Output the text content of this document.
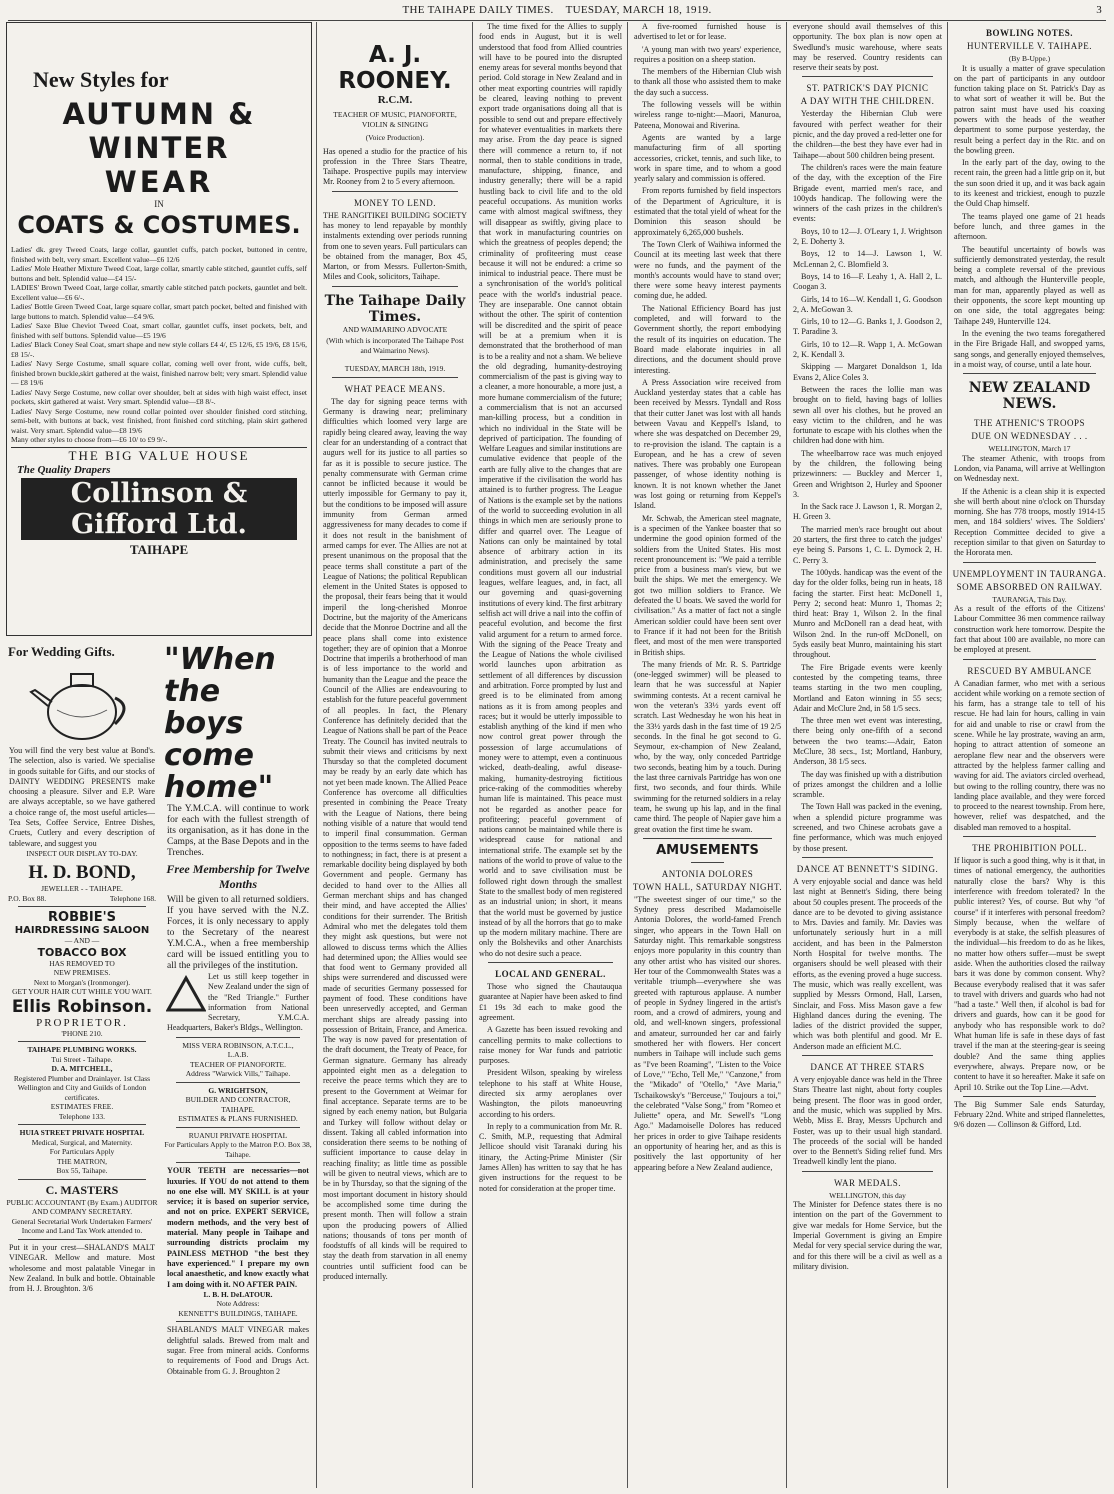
THE TAIHAPE DAILY TIMES. TUESDAY, MARCH 18, 1919.	3
New Styles for
AUTUMN & WINTER
WEAR
IN
COATS & COSTUMES.
Ladies' dk. grey Tweed Coats, large collar, gauntlet cuffs, patch pocket, buttoned in centre, finished with belt, very smart. Excellent value—£6 12/6
Ladies' Mole Heather Mixture Tweed Coat, large collar, smartly cable stitched, gauntlet cuffs, self buttons and belt. Splendid value—£4 15/-
LADIES' Brown Tweed Coat, large collar, smartly cable stitched patch pockets, gauntlet and belt. Excellent value—£6 6/-.
Ladies' Bottle Green Tweed Coat, large square collar, smart patch pocket, belted and finished with large buttons to match. Splendid value—£4 9/6.
Ladies' Saxe Blue Cheviot Tweed Coat, smart collar, gauntlet cuffs, inset pockets, belt, and finished with self buttons. Splendid value—£5 19/6
Ladies' Black Coney Seal Coat, smart shape and new style collars £4 4/, £5 12/6, £5 19/6, £8 15/6, £8 15/-.
Ladies' Navy Serge Costume, small square collar, coming well over front, wide cuffs, belt, finished brown buckle,skirt gathered at the waist, finished narrow belt; very smart. Splendid value— £8 19/6
Ladies' Navy Serge Costume, new collar over shoulder, belt at sides with high waist effect, inset pockets, skirt gathered at waist. Very smart. Splendid value—£8 8/-.
Ladies' Navy Serge Costume, new round collar pointed over shoulder finished cord stitching, semi-belt, with buttons at back, vest finished, front finished cord stitching, plain skirt gathered waist. Very smart. Splendid value—£8 19/6
Many other styles to choose from—£6 10/ to £9 9/-.
THE BIG VALUE HOUSE
The Quality Drapers
Collinson & Gifford Ltd.
TAIHAPE
For Wedding Gifts.
You will find the very best value at Bond's. The selection, also is varied. We specialise in goods suitable for Gifts, and our stocks of DAINTY WEDDING PRESENTS make choosing a pleasure. Silver and E.P. Ware are always acceptable, so we have gathered a choice range of, the most useful articles—Tea Sets, Coffee Service, Entree Dishes, Cruets, Cutlery and every description of tableware, and suggest you
INSPECT OUR DISPLAY TO-DAY.
H. D. BOND,
JEWELLER - - TAIHAPE.
P.O. Box 88.	Telephone 168.
ROBBIE'S
HAIRDRESSING SALOON
— AND —
TOBACCO BOX
HAS REMOVED TO
NEW PREMISES.
Next to Morgan's (Ironmonger).
GET YOUR HAIR CUT WHILE YOU WAIT.
Ellis Robinson.
PROPRIETOR.
'PHONE 210.
TAIHAPE PLUMBING WORKS.
Tui Street - Taihape.
D. A. MITCHELL,
Registered Plumber and Drainlayer. 1st Class Wellington and City and Guilds of London certificates.
ESTIMATES FREE.
Telephone 133.
HUIA STREET PRIVATE HOSPITAL
Medical, Surgical, and Maternity.
For Particulars Apply
THE MATRON,
Box 55, Taihape.
C. MASTERS
PUBLIC ACCOUNTANT (By Exam.) AUDITOR AND COMPANY SECRETARY.
General Secretarial Work Undertaken Farmers' Income and Land Tax Work attended to.
Put it in your crest—SHALAND'S MALT VINEGAR. Mellow and mature. Most wholesome and most palatable Vinegar in New Zealand. In bulk and bottle. Obtainable from H. J. Broughton. 3/6
"When the
boys come
home"
The Y.M.C.A. will continue to work for each with the fullest strength of its organisation, as it has done in the Camps, at the Base Depots and in the Trenches.
Free Membership for Twelve Months
Will be given to all returned soldiers. If you have served with the N.Z. Forces, it is only necessary to apply to the Secretary of the nearest Y.M.C.A., when a free membership card will be issued entitling you to all the privileges of the institution.
Let us still keep together in New Zealand under the sign of the "Red Triangle." Further information from National Secretary, Y.M.C.A. Headquarters, Baker's Bldgs., Wellington.
MISS VERA ROBINSON, A.T.C.L.,
L.A.B.
TEACHER OF PIANOFORTE.
Address "Warwick Vills," Taihape.
G. WRIGHTSON,
BUILDER AND CONTRACTOR,
TAIHAPE.
ESTIMATES & PLANS FURNISHED.
RUANUI PRIVATE HOSPITAL
For Particulars Apply to the Matron P.O. Box 38, Taihape.
YOUR TEETH are necessaries—not luxuries. If YOU do not attend to them no one else will. MY SKILL is at your service; it is based on superior service, and not on price. EXPERT SERVICE, modern methods, and the very best of material. Many people in Taihape and surrounding districts proclaim my PAINLESS METHOD "the best they have experienced." I prepare my own local anaesthetic, and know exactly what I am doing with it. NO AFTER PAIN.
L. B. H. DeLATOUR.
Note Address:
KENNETT'S BUILDINGS, TAIHAPE.
SHABLAND'S MALT VINEGAR makes delightful salads. Brewed from malt and sugar. Free from mineral acids. Conforms to requirements of Food and Drugs Act. Obtainable from G. J. Broughton 2
A. J. ROONEY.
R.C.M.
TEACHER OF MUSIC, PIANOFORTE, VIOLIN & SINGING
(Voice Production).
Has opened a studio for the practice of his profession in the Three Stars Theatre, Taihape. Prospective pupils may interview Mr. Rooney from 2 to 5 every afternoon.
MONEY TO LEND.
THE RANGITIKEI BUILDING SOCIETY has money to lend repayable by monthly instalments extending over periods running from one to seven years. Full particulars can be obtained from the manager, Box 45, Marton, or from Messrs. Fullerton-Smith, Miles and Cook, solicitors, Taihape.
The Taihape Daily Times.
AND WAIMARINO ADVOCATE
(With which is incorporated The Taihape Post and Waimarino News).
TUESDAY, MARCH 18th, 1919.
WHAT PEACE MEANS.

The day for signing peace terms with Germany is drawing near; preliminary difficulties which loomed very large are rapidly being cleared away, leaving the way clear for an understanding of a contract that augurs well for its justice to all parties so far as it is possible to secure justice. The penalty commensurate with German crime cannot be inflicted because it would be utterly impossible for Germany to pay it, but the conditions to be imposed will assure immunity from German armed aggressiveness for many decades to come if it does not result in the banishment of armed camps for ever. The Allies are not at present unanimous on the proposal that the peace terms shall constitute a part of the League of Nations; the political Republican element in the United States is opposed to the proposal, their fears being that it would imperil the long-cherished Monroe Doctrine, but the majority of the Americans decide that the Monroe Doctrine and all the peace plans shall come into existence together; they are of opinion that a Monroe Doctrine that imperils a brotherhood of man is of less importance to the world and humanity than the League and the peace the Council of the Allies are endeavouring to establish for the future peaceful government of all peoples. In fact, the Plenary Conference has definitely decided that the League of Nations shall be part of the Peace Treaty. The Council has invited neutrals to submit their views and criticisms by next Thursday so that the completed document may be ready by an early date which has not yet been made known. The Allied Peace Conference has overcome all difficulties presented in combining the Peace Treaty with the League of Nations, there being nothing visible of a nature that would tend to imperil final consummation. German opposition to the terms seems to have faded to nothingness; in fact, there is at present a remarkable docility being displayed by both Government and people. Germany has decided to hand over to the Allies all German merchant ships and has changed their mind, and have accepted the Allies' conditions for their surrender. The British Admiral who met the delegates told them they might ask questions, but were not allowed to discuss terms which the Allies had determined upon; the Allies would see that food went to Germany provided all ships were surrendered and discussed were made of securities Germany possessed for payment of food. These conditions have been unreservedly accepted, and German merchant ships are already passing into possession of Britain, France, and America. The way is now paved for presentation of the draft document, the Treaty of Peace, for German signature. Germany has already appointed eight men as a delegation to receive the peace terms which they are to present to the Government at Weimar for final acceptance. Separate terms are to be signed by each enemy nation, but Bulgaria and Turkey will follow without delay or dissent. Taking all cabled information into consideration there seems to be nothing of sufficient importance to cause delay in reaching finality; as little time as possible will be given to neutral views, which are to be in by Thursday, so that the signing of the most important document in history should be accomplished some time during the present month. Then will follow a strain upon the producing powers of Allied nations; thousands of tons per month of foodstuffs of all kinds will be required to stay the death from starvation in all enemy countries until sufficient food can be produced internally.

The time fixed for the Allies to supply food ends in August, but it is well understood that food from Allied countries will have to be poured into the disrupted enemy areas for several months beyond that period. Cold storage in New Zealand and in other meat exporting countries will rapidly be cleared, leaving nothing to prevent export trade organisations doing all that is possible to send out and prepare effectively for whatever eventualities in markets there may arise. From the day peace is signed there will commence a return to, if not normal, then to stable conditions in trade, manufacture, shipping, finance, and industry generally; there will be a rapid hustling back to civil life and to the old peaceful occupations. As munition works came with almost magical swiftness, they will disappear as swiftly, giving place to that work in manufacturing countries on which the greatness of peoples depend; the criminality of profiteering must cease because it will not be endured: a crime so inimical to industrial peace. There must be a synchronisation of the world's political peace with the world's industrial peace. They are inseparable. One cannot obtain without the other. The spirit of contention will be discredited and the spirit of peace will be at a premium when it is demonstrated that the brotherhood of man is to be a reality and not a sham. We believe the old degrading, humanity-destroying commercialism of the past is giving way to a cleaner, a more honourable, a more just, a more humane commercialism of the future; a commercialism that is not an accursed man-killing process, but a condition in which no individual in the State will be deprived of participation. The founding of Welfare Leagues and similar institutions are cumulative evidence that people of the earth are fully alive to the changes that are imperative if the civilisation the world has attained is to further progress. The League of Nations is the example set by the nations of the world to succeeding evolution in all things in which men are seriously prone to differ and quarrel over. The League of Nations can only be maintained by total absence of arbitrary action in its administration, and precisely the same conditions must govern all our industrial leagues, welfare leagues, and, in fact, all our governing and quasi-governing institutions of every kind. The first arbitrary selfish act will drive a nail into the coffin of peaceful evolution, and become the first valid argument for a return to armed force. With the signing of the Peace Treaty and the League of Nations the whole civilised world launches upon arbitration as settlement of all differences by discussion and arbitration. Force prompted by lust and greed is to be eliminated from among nations as it is from among peoples and races; but it would be utterly impossible to establish anything of the kind if men who now control great power through the possession of large accumulations of money were to attempt, even a continuous wicked, death-dealing, awful disease-making, humanity-destroying fictitious price-raking of the commodities whereby human life is maintained. This peace must not be regarded as another peace for profiteering; peaceful government of nations cannot be maintained while there is widespread cause for national and international strife. The example set by the nations of the world to prove of value to the world and to save civilisation must be followed right down through the smallest State to the smallest body of men registered as an industrial union; in short, it means that the world must be governed by justice instead of by all the horrors that go to make up the modern military machine. There are only the Bolsheviks and other Anarchists who do not desire such a peace.

LOCAL AND GENERAL.

Those who signed the Chautauqua guarantee at Napier have been asked to find £1 19s 3d each to make good the agreement.

A Gazette has been issued revoking and cancelling permits to make collections to raise money for War funds and patriotic purposes.

President Wilson, speaking by wireless telephone to his staff at White House, directed six army aeroplanes over Washington, the pilots manoeuvring according to his orders.

In reply to a communication from Mr. R. C. Smith, M.P., requesting that Admiral Jellicoe should visit Taranaki during his itinary, the Acting-Prime Minister (Sir James Allen) has written to say that he has given instructions for the request to be noted for consideration at the proper time.

A five-roomed furnished house is advertised to let or for lease.

'A young man with two years' experience, requires a position on a sheep station.

The members of the Hibernian Club wish to thank all those who assisted them to make the day such a success.

The following vessels will be within wireless range to-night:—Maori, Manuroa, Pateena, Monowai and Riverina.

Agents are wanted by a large manufacturing firm of all sporting accessories, cricket, tennis, and such like, to work in spare time, and to whom a good yearly salary and commission is offered.

From reports furnished by field inspectors of the Department of Agriculture, it is estimated that the total yield of wheat for the Dominion this season should be approximately 6,265,000 bushels.

The Town Clerk of Waihiwa informed the Council at its meeting last week that there were no funds, and the payment of the month's accounts would have to stand over; there were some heavy interest payments coming due, he added.

The National Efficiency Board has just completed, and will forward to the Government shortly, the report embodying the result of its inquiries on education. The Board made elaborate inquiries in all directions, and the document should prove interesting.

A Press Association wire received from Auckland yesterday states that a cable has been received by Messrs. Tyndall and Ross that their cutter Janet was lost with all hands between Vavau and Keppell's Island, to where she was despatched on December 29, to re-provision the island. The captain is a European, and he has a crew of seven natives. There was probably one European passenger, of whose identity nothing is known. It is not known whether the Janet was lost going or returning from Keppel's Island.

Mr. Schwab, the American steel magnate, is a specimen of the Yankee boaster that so undermine the good opinion formed of the soldiers from the United States. His most recent pronouncement is: "We paid a terrible price from a business man's view, but we built the ships. We met the emergency. We got two million soldiers to France. We defeated the U boats. We saved the world for civilisation." As a matter of fact not a single American soldier could have been sent over to France if it had not been for the British fleet, and most of the men were transported in British ships.

The many friends of Mr. R. S. Partridge (one-legged swimmer) will be pleased to learn that he was successful at Napier swimming contests. At a recent carnival he won the veteran's 33½ yards event off scratch. Last Wednesday he won his heat in the 33½ yards dash in the fast time of 19 2/5 seconds. In the final he got second to G. Seymour, ex-champion of New Zealand, who, by the way, only conceded Partridge two seconds, beating him by a touch. During the last three carnivals Partridge has won one first, two seconds, and four thirds. While swimming for the returned soldiers in a relay team, he swung up his lap, and in the final came third. The people of Napier gave him a great ovation the first time he swam.

AMUSEMENTS
ANTONIA DOLORES
TOWN HALL, SATURDAY NIGHT.
"The sweetest singer of our time," so the Sydney press described Madamoiselle Antonia Dolores, the world-famed French singer, who appears in the Town Hall on Saturday night. This remarkable songstress enjoys more popularity in this country than any other artist who has visited our shores. Her tour of the Commonwealth States was a veritable triumph—everywhere she was greeted with rapturous applause. A number of people in Sydney lingered in the artist's room, and a crowd of admirers, young and old, and well-known singers, professional and amateur, surrounded her car and fairly smothered her with flowers. Her concert numbers in Taihape will include such gems as "I've been Roaming", "Listen to the Voice of Love," "Echo, Tell Me," "Canzone," from the "Mikado" of "Otello," "Ave Maria," Tschaikowsky's "Berceuse," Toujours a toi," the celebrated "Valse Song," from "Romeo et Juliette" opera, and Mr. Sewell's "Long Ago." Madamoiselle Dolores has reduced her prices in order to give Taihape residents an opportunity of hearing her, and as this is positively the last opportunity of her appearing before a New Zealand audience,
everyone should avail themselves of this opportunity. The box plan is now open at Swedlund's music warehouse, where seats may be reserved. Country residents can reserve their seats by post.
ST. PATRICK'S DAY PICNIC
A DAY WITH THE CHILDREN.

Yesterday the Hibernian Club were favoured with perfect weather for their picnic, and the day proved a red-letter one for the children—the best they have ever had in Taihape—about 500 children being present.

The children's races were the main feature of the day, with the exception of the Fire Brigade event, married men's race, and 100yds handicap. The following were the winners of the cash prizes in the children's events:

Boys, 10 to 12—J. O'Leary 1, J. Wrightson 2, E. Doherty 3.

Boys, 12 to 14—J. Lawson 1, W. McLennan 2, C. Blomfield 3.

Boys, 14 to 16—F. Leahy 1, A. Hall 2, L. Coogan 3.

Girls, 14 to 16—W. Kendall 1, G. Goodson 2, A. McGowan 3.

Girls, 10 to 12—G. Banks 1, J. Goodson 2, T. Paradine 3.

Girls, 10 to 12—R. Wapp 1, A. McGowan 2, K. Kendall 3.

Skipping — Margaret Donaldson 1, Ida Evans 2, Alice Coles 3.

Between the races the lollie man was brought on to field, having bags of lollies sewn all over his clothes, but he proved an easy victim to the children, and he was fortunate to escape with his clothes when the children had done with him.

The wheelbarrow race was much enjoyed by the children, the following being prizewinners: — Buckley and Mercer 1, Green and Wrightson 2, Hurley and Spooner 3.

In the Sack race J. Lawson 1, R. Morgan 2, H. Green 3.

The married men's race brought out about 20 starters, the first three to catch the judges' eye being S. Parsons 1, C. L. Dymock 2, H. C. Perry 3.

The 100yds. handicap was the event of the day for the older folks, being run in heats, 18 facing the starter. First heat: McDonell 1, Perry 2; second heat: Munro 1, Thomas 2; third heat: Bray 1, Wilson 2. In the final Munro and McDonell ran a dead heat, with Wilson 2nd. In the run-off McDonell, on 5yds easily beat Munro, maintaining his start throughout.

The Fire Brigade events were keenly contested by the competing teams, three teams starting in the two men coupling, Mortland and Eaton winning in 55 secs; Adair and McClure 2nd, in 58 1/5 secs.

The three men wet event was interesting, there being only one-fifth of a second between the two teams:—Adair, Eaton McClure, 38 secs., 1st; Mortland, Hanbury, Anderson, 38 1/5 secs.

The day was finished up with a distribution of prizes amongst the children and a lollie scramble.

The Town Hall was packed in the evening, when a splendid picture programme was screened, and two Chinese acrobats gave a fine performance, which was much enjoyed by those present.

DANCE AT BENNETT'S SIDING.
A very enjoyable social and dance was held last night at Bennett's Siding, there being about 50 couples present. The proceeds of the dance are to be devoted to giving assistance to Mrs. Davies and family. Mr. Davies was unfortunately seriously hurt in a mill accident, and has been in the Palmerston North Hospital for twelve months. The organisers should be well pleased with their efforts, as the evening proved a huge success. The music, which was really excellent, was supplied by Messrs Ormond, Hall, Larsen, Sinclair, and Foss. Miss Mason gave a few Highland dances during the evening. The ladies of the district provided the supper, which was both plentiful and good. Mr E. Anderson made an efficient M.C.
DANCE AT THREE STARS
A very enjoyable dance was held in the Three Stars Theatre last night, about forty couples being present. The floor was in good order, and the music, which was supplied by Mrs. Webb, Miss E. Bray, Messrs Upchurch and Foster, was up to their usual high standard. The proceeds of the social will be handed over to the Bennett's Siding relief fund. Mrs Treadwell kindly lent the piano.
WAR MEDALS.
WELLINGTON, this day
The Minister for Defence states there is no intention on the part of the Government to give war medals for Home Service, but the Imperial Government is giving an Empire Medal for very special service during the war, and for this there will be a civil as well as a military division.
BOWLING NOTES.
HUNTERVILLE V. TAIHAPE.
(By B-Uppe.)

It is usually a matter of grave speculation on the part of participants in any outdoor function taking place on St. Patrick's Day as to what sort of weather it will be. But the patron saint must have used his coaxing powers with the heads of the weather department to some purpose yesterday, the result being a perfect day in the Rtc. and on the bowling green.

In the early part of the day, owing to the recent rain, the green had a little grip on it, but the sun soon dried it up, and it was back again to its keenest and trickiest, enough to puzzle the Ould Chap himself.

The teams played one game of 21 heads before lunch, and three games in the afternoon.

The beautiful uncertainty of bowls was sufficiently demonstrated yesterday, the result being a complete reversal of the previous match, and although the Hunterville people, man for man, apparently played as well as their opponents, the score kept mounting up on one side, the total aggregates being: Taihape 249, Hunterville 124.

In the evening the two teams foregathered in the Fire Brigade Hall, and swopped yarns, sang songs, and generally enjoyed themselves, in a moist way, of course, until a late hour.

NEW ZEALAND NEWS.
THE ATHENIC'S TROOPS
DUE ON WEDNESDAY . . .
WELLINGTON, March 17

The steamer Athenic, with troops from London, via Panama, will arrive at Wellington on Wednesday next.

If the Athenic is a clean ship it is expected she will berth about nine o'clock on Thursday morning. She has 778 troops, mostly 1914-15 men, and 184 soldiers' wives. The Soldiers' Reception Committee decided to give a reception similar to that given on Saturday to the Hororata men.

UNEMPLOYMENT IN TAURANGA.
SOME ABSORBED ON RAILWAY.
TAURANGA, This Day.
As a result of the efforts of the Citizens' Labour Committee 36 men commence railway construction work here tomorrow. Despite the fact that about 100 are available, no more can be employed at present.
RESCUED BY AMBULANCE
A Canadian farmer, who met with a serious accident while working on a remote section of his farm, has a strange tale to tell of his rescue. He had lain for hours, calling in vain for aid and unable to rise or crawl from the scene. While he lay prostrate, waving an arm, hoping to attract attention of someone an aeroplane flew near and the observers were attracted by the helpless farmer calling and waving for aid. The aviators circled overhead, but owing to the rolling country, there was no landing place available, and they were forced to proceed to the nearest township. From here, however, relief was despatched, and the disabled man removed to a hospital.
THE PROHIBITION POLL.
If liquor is such a good thing, why is it that, in times of national emergency, the authorities naturally close the bars? Why is this interference with freedom tolerated? In the public interest? Yes, of course. But why "of course" if it interferes with personal freedom? Simply because, when the welfare of everybody is at stake, the selfish pleasures of the individual—his freedom to do as he likes, no matter how others suffer—must be swept aside. When the authorities closed the railway bars it was done by common consent. Why? Because everybody realised that it was safer to travel with drivers and guards who had not "had a taste." Well then, if alcohol is bad for drivers and guards, how can it be good for anybody who has responsible work to do? What human life is safe in these days of fast travel if the man at the steering-gear is seeing double? And the same thing applies everywhere, always. Prepare now, or be content to have it so hereafter. Make it safe on April 10. Strike out the Top Line.—Advt.
The Big Summer Sale ends Saturday, February 22nd. White and striped flannelettes, 9/6 dozen — Collinson & Gifford, Ltd.
